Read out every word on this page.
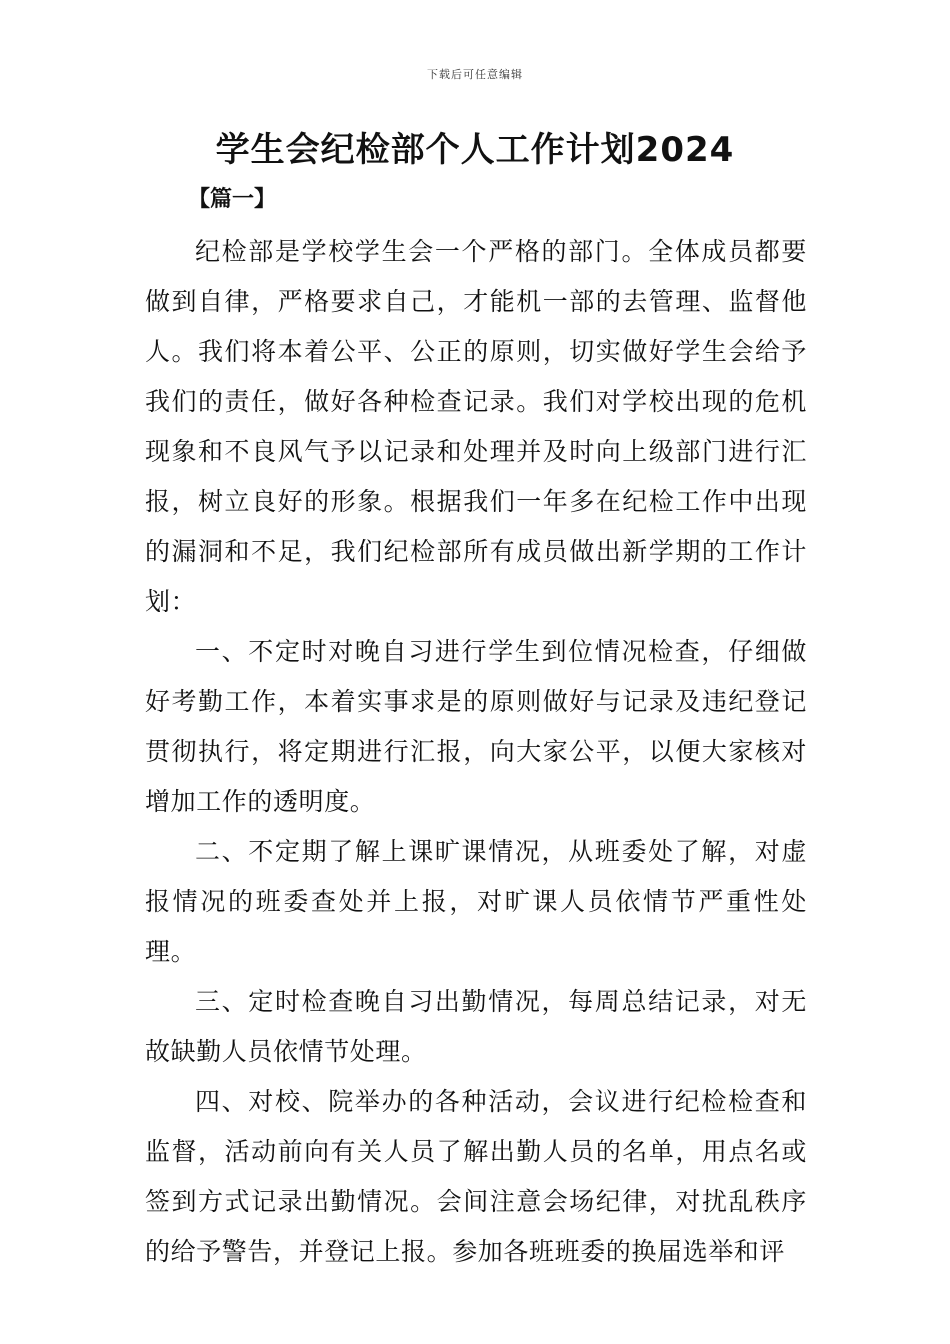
下载后可任意编辑
学生会纪检部个人工作计划2024
【篇一】

纪检部是学校学生会一个严格的部门。全体成员都要做到自律，严格要求自己，才能机一部的去管理、监督他人。我们将本着公平、公正的原则，切实做好学生会给予我们的责任，做好各种检查记录。我们对学校出现的危机现象和不良风气予以记录和处理并及时向上级部门进行汇报，树立良好的形象。根据我们一年多在纪检工作中出现的漏洞和不足，我们纪检部所有成员做出新学期的工作计划：

一、不定时对晚自习进行学生到位情况检查，仔细做好考勤工作，本着实事求是的原则做好与记录及违纪登记贯彻执行，将定期进行汇报，向大家公平，以便大家核对增加工作的透明度。

二、不定期了解上课旷课情况，从班委处了解，对虚报情况的班委查处并上报，对旷课人员依情节严重性处理。

三、定时检查晚自习出勤情况，每周总结记录，对无故缺勤人员依情节处理。

四、对校、院举办的各种活动，会议进行纪检检查和监督，活动前向有关人员了解出勤人员的名单，用点名或签到方式记录出勤情况。会间注意会场纪律，对扰乱秩序的给予警告，并登记上报。参加各班班委的换届选举和评
